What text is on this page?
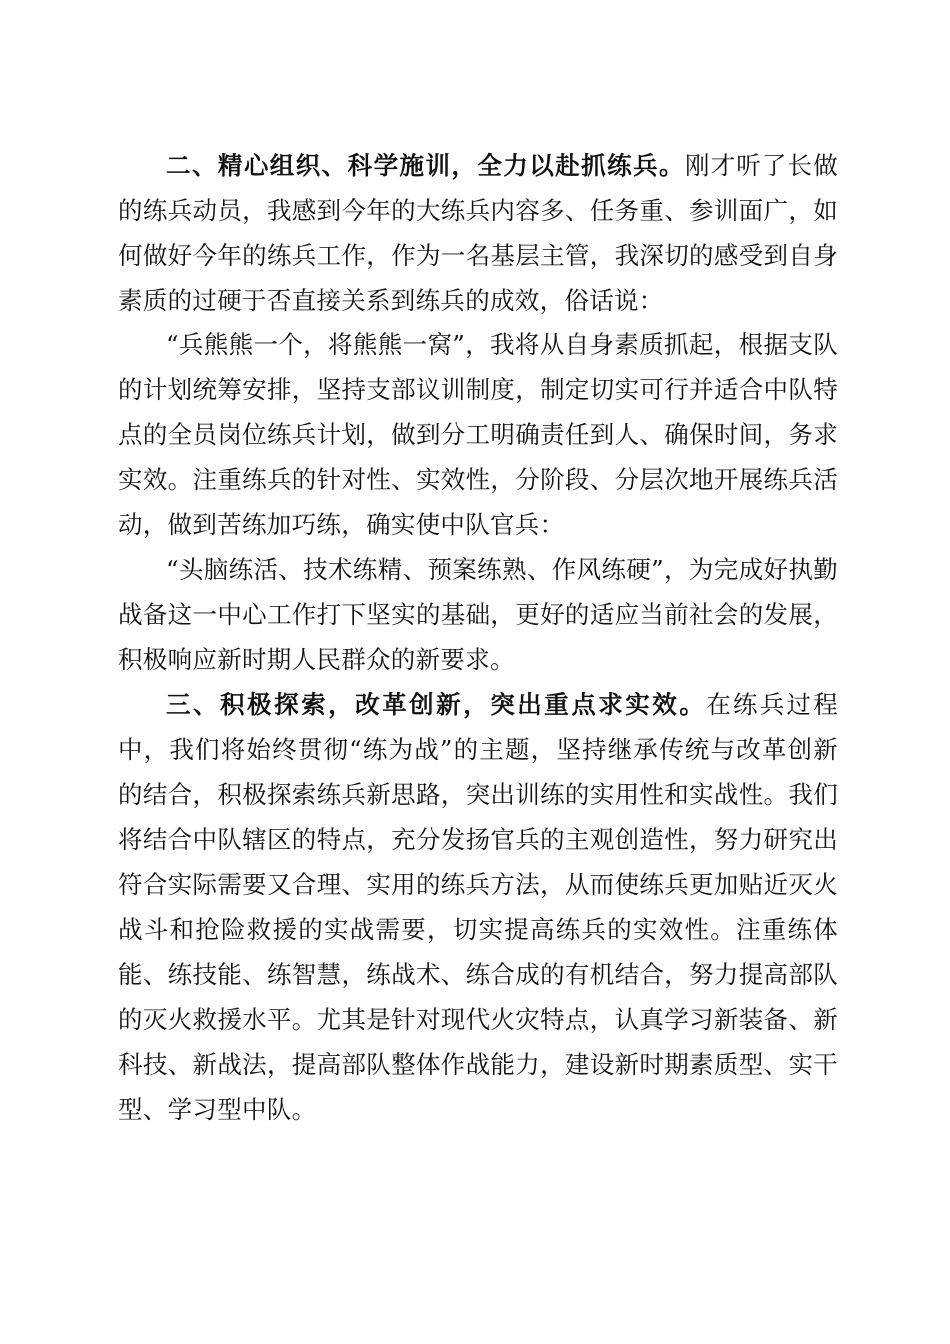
二、精心组织、科学施训，全力以赴抓练兵。刚才听了长做的练兵动员，我感到今年的大练兵内容多、任务重、参训面广，如何做好今年的练兵工作，作为一名基层主管，我深切的感受到自身素质的过硬于否直接关系到练兵的成效，俗话说：

“兵熊熊一个，将熊熊一窝”，我将从自身素质抓起，根据支队的计划统筹安排，坚持支部议训制度，制定切实可行并适合中队特点的全员岗位练兵计划，做到分工明确责任到人、确保时间，务求实效。注重练兵的针对性、实效性，分阶段、分层次地开展练兵活动，做到苦练加巧练，确实使中队官兵：

“头脑练活、技术练精、预案练熟、作风练硬”，为完成好执勤战备这一中心工作打下坚实的基础，更好的适应当前社会的发展，积极响应新时期人民群众的新要求。

三、积极探索，改革创新，突出重点求实效。在练兵过程中，我们将始终贯彻“练为战”的主题，坚持继承传统与改革创新的结合，积极探索练兵新思路，突出训练的实用性和实战性。我们将结合中队辖区的特点，充分发扬官兵的主观创造性，努力研究出符合实际需要又合理、实用的练兵方法，从而使练兵更加贴近灭火战斗和抢险救援的实战需要，切实提高练兵的实效性。注重练体能、练技能、练智慧，练战术、练合成的有机结合，努力提高部队的灭火救援水平。尤其是针对现代火灾特点，认真学习新装备、新科技、新战法，提高部队整体作战能力，建设新时期素质型、实干型、学习型中队。
